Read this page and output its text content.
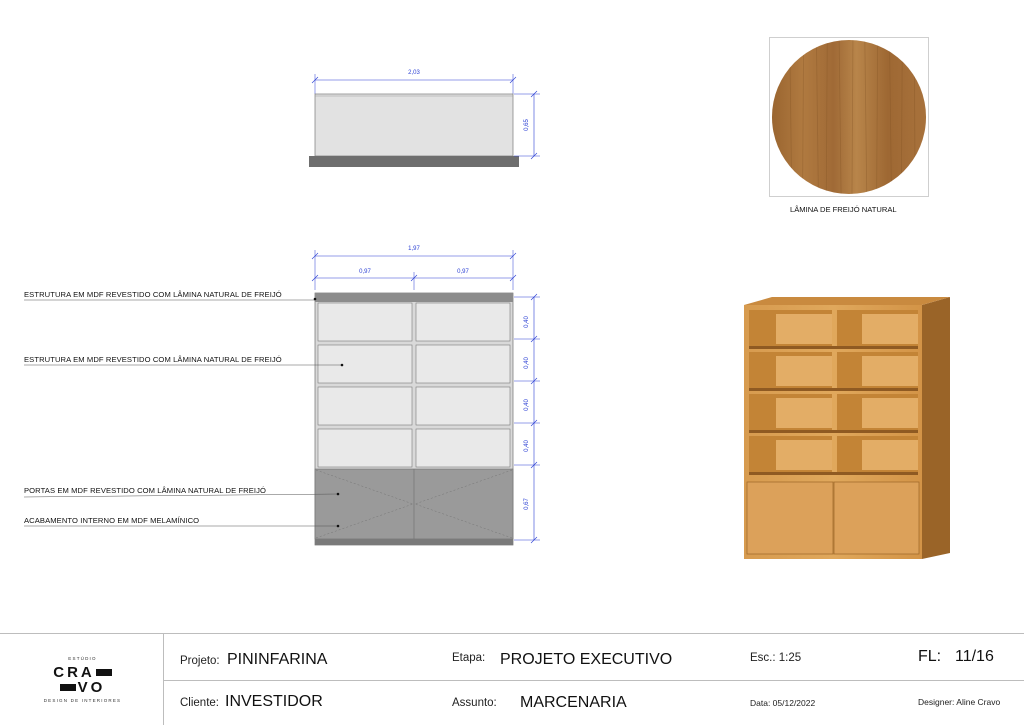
2,03
0,65
LÂMINA DE FREIJÓ NATURAL
1,97
0,97	0,97
0,40
0,40
0,40
0,40
0,67
ESTRUTURA EM MDF REVESTIDO COM LÂMINA NATURAL DE FREIJÓ
ESTRUTURA EM MDF REVESTIDO COM LÂMINA NATURAL DE FREIJÓ
PORTAS EM MDF REVESTIDO COM LÂMINA NATURAL DE FREIJÓ
ACABAMENTO INTERNO EM MDF MELAMÍNICO
ESTÚDIO
CRA
VO
DESIGN DE INTERIORES
Projeto: PININFARINA	Etapa: PROJETO EXECUTIVO	Esc.: 1:25	FL: 11/16
Cliente: INVESTIDOR	Assunto: MARCENARIA	Data: 05/12/2022	Designer: Aline Cravo
